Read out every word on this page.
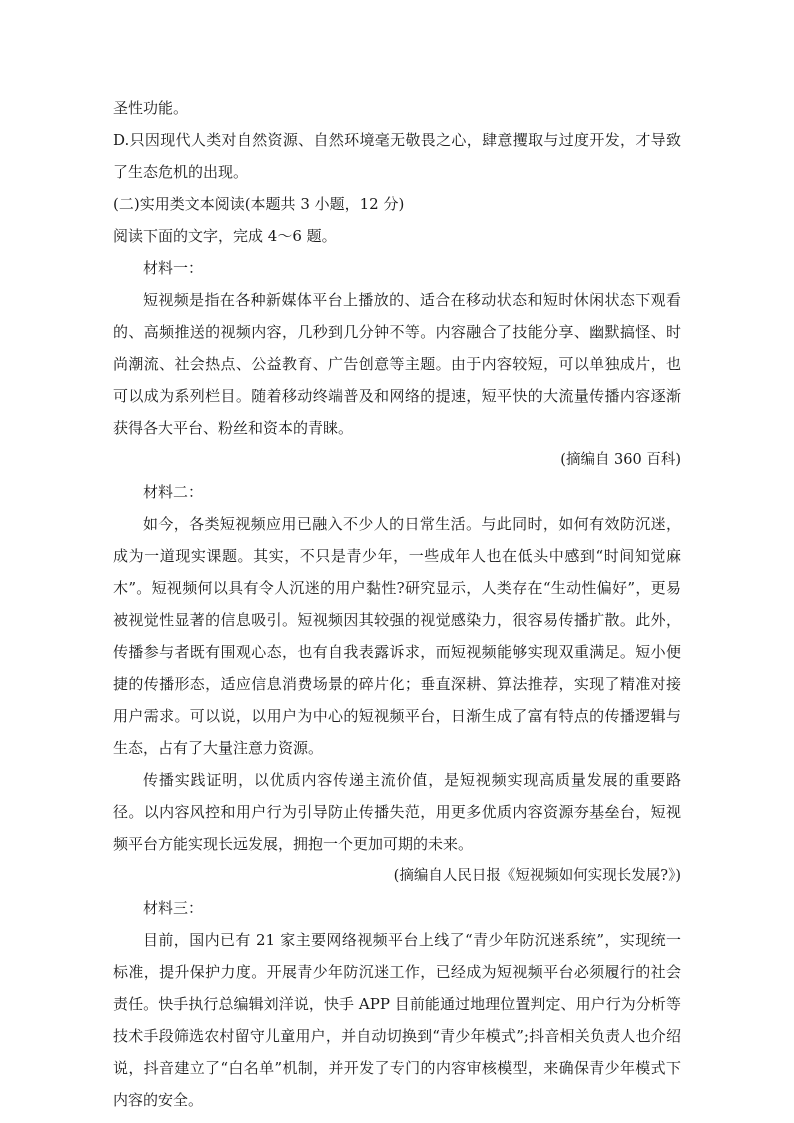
圣性功能。

D.只因现代人类对自然资源、自然环境毫无敬畏之心，肆意攫取与过度开发，才导致了生态危机的出现。

(二)实用类文本阅读(本题共 3 小题，12 分)

阅读下面的文字，完成 4～6 题。

材料一：

短视频是指在各种新媒体平台上播放的、适合在移动状态和短时休闲状态下观看的、高频推送的视频内容，几秒到几分钟不等。内容融合了技能分享、幽默搞怪、时尚潮流、社会热点、公益教育、广告创意等主题。由于内容较短，可以单独成片，也可以成为系列栏目。随着移动终端普及和网络的提速，短平快的大流量传播内容逐渐获得各大平台、粉丝和资本的青睐。

(摘编自 360 百科)

材料二：

如今，各类短视频应用已融入不少人的日常生活。与此同时，如何有效防沉迷，成为一道现实课题。其实，不只是青少年，一些成年人也在低头中感到“时间知觉麻木”。短视频何以具有令人沉迷的用户黏性?研究显示，人类存在“生动性偏好”，更易被视觉性显著的信息吸引。短视频因其较强的视觉感染力，很容易传播扩散。此外，传播参与者既有围观心态，也有自我表露诉求，而短视频能够实现双重满足。短小便捷的传播形态，适应信息消费场景的碎片化；垂直深耕、算法推荐，实现了精准对接用户需求。可以说，以用户为中心的短视频平台，日渐生成了富有特点的传播逻辑与生态，占有了大量注意力资源。

传播实践证明，以优质内容传递主流价值，是短视频实现高质量发展的重要路径。以内容风控和用户行为引导防止传播失范，用更多优质内容资源夯基垒台，短视频平台方能实现长远发展，拥抱一个更加可期的未来。

(摘编自人民日报《短视频如何实现长发展?》)

材料三：

目前，国内已有 21 家主要网络视频平台上线了“青少年防沉迷系统”，实现统一标准，提升保护力度。开展青少年防沉迷工作，已经成为短视频平台必须履行的社会责任。快手执行总编辑刘洋说，快手 APP 目前能通过地理位置判定、用户行为分析等技术手段筛选农村留守儿童用户，并自动切换到“青少年模式”;抖音相关负责人也介绍说，抖音建立了“白名单”机制，并开发了专门的内容审核模型，来确保青少年模式下内容的安全。
